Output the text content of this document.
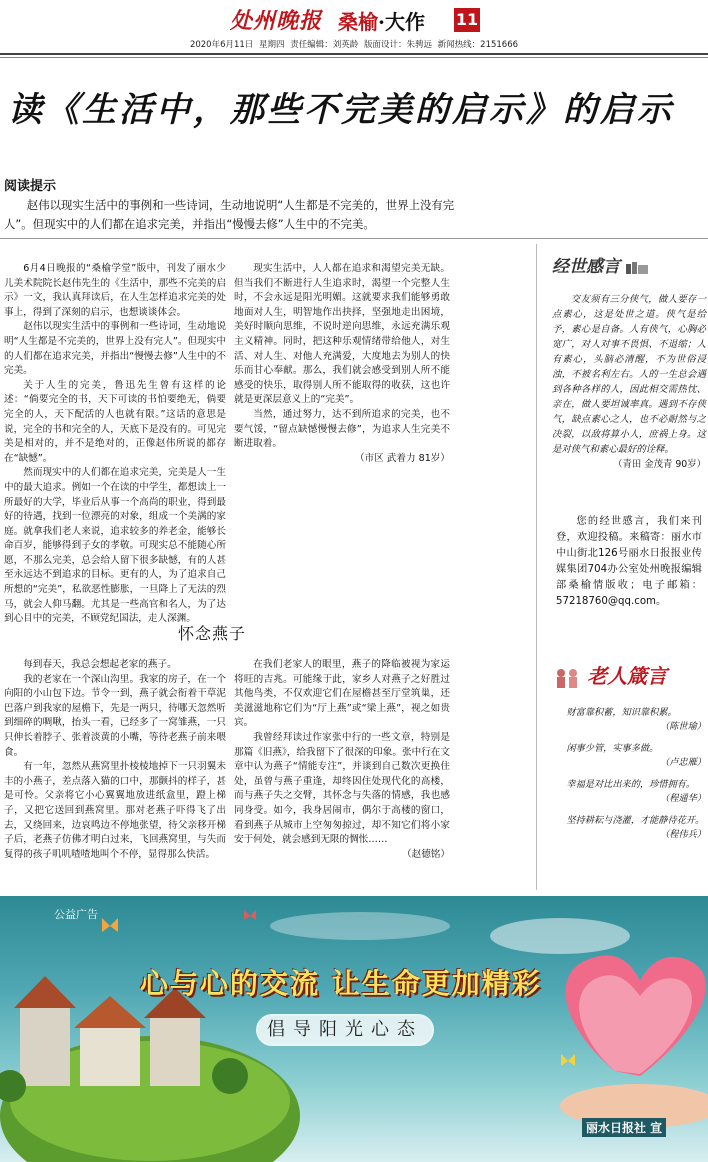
处州晚报 桑榆·大作 11
2020年6月11日 星期四 责任编辑：刘英龄 版面设计：朱骋远 新闻热线：2151666
读《生活中，那些不完美的启示》的启示
阅读提示
赵伟以现实生活中的事例和一些诗词，生动地说明“人生都是不完美的，世界上没有完人”。但现实中的人们都在追求完美，并指出“慢慢去修”人生中的不完美。

6月4日晚报的“桑榆学堂”版中，刊发了丽水少儿美术院院长赵伟先生的《生活中，那些不完美的启示》一文，我认真拜读后，在人生怎样追求完美的处事上，得到了深刻的启示，也想谈谈体会。

赵伟以现实生活中的事例和一些诗词，生动地说明“人生都是不完美的，世界上没有完人”。但现实中的人们都在追求完美，并指出“慢慢去修”人生中的不完美。

关于人生的完美，鲁迅先生曾有这样的论述：“倘要完全的书，天下可读的书怕要绝无，倘要完全的人，天下配活的人也就有限。”这话的意思是说，完全的书和完全的人，天底下是没有的。可见完美是相对的，并不是绝对的，正像赵伟所说的都存在“缺憾”。

然而现实中的人们都在追求完美，完美是人一生中的最大追求。例如一个在读的中学生，都想读上一所最好的大学，毕业后从事一个高尚的职业，得到最好的待遇，找到一位漂亮的对象，组成一个美满的家庭。就拿我们老人来说，追求较多的养老金，能够长命百岁，能够得到子女的孝敬。可现实总不能随心所愿，不那么完美，总会给人留下很多缺憾，有的人甚至永远达不到追求的目标。更有的人，为了追求自己所想的“完美”，私欲恶性膨胀，一旦降上了无法的烈马，就会人仰马翻。尤其是一些高官和名人，为了达到心目中的完美，不顾党纪国法，走人深渊。

现实生活中，人人都在追求和渴望完美无缺。但当我们不断进行人生追求时，渴望一个完整人生时，不会永远是阳光明媚。这就要求我们能够勇敢地面对人生，明智地作出抉择，坚强地走出困境，美好时顺向思维，不说时逆向思维，永远充满乐观主义精神。同时，把这种乐观情绪带给他人，对生活、对人生、对他人充满爱，大度地去为别人的快乐而甘心奉献。那么，我们就会感受到别人所不能感受的快乐，取得别人所不能取得的收获，这也许就是更深层意义上的“完美”。

当然，通过努力，达不到所追求的完美，也不要气馁，“留点缺憾慢慢去修”，为追求人生完美不断进取着。

（市区 武着力 81岁）

怀念燕子

每到春天，我总会想起老家的燕子。

我的老家在一个深山沟里。我家的房子，在一个向阳的小山包下边。节令一到，燕子就会衔着干草泥巴落户到我家的屋檐下，先是一两只，待哪天忽然听到细碎的啁啾，抬头一看，已经多了一窝雏燕，一只只伸长着脖子、张着淡黄的小嘴，等待老燕子前来喂食。

有一年，忽然从燕窝里扑棱棱地掉下一只羽翼未丰的小燕子，差点落入猫的口中，那颤抖的样子，甚是可怜。父亲将它小心翼翼地放进纸盒里，蹬上梯子，又把它送回到燕窝里。那对老燕子吓得飞了出去，又绕回来，边哀鸣边不停地张望，待父亲移开梯子后，老燕子仿佛才明白过来，飞回燕窝里，与失而复得的孩子叽叽喳喳地叫个不停，显得那么快活。

在我们老家人的眼里，燕子的降临被视为家运将旺的吉兆。可能缘于此，家乡人对燕子之好胜过其他鸟类，不仅欢迎它们在屋檐甚至厅堂筑巢，还美滋滋地称它们为“厅上燕”或“梁上燕”，视之如贵宾。

我曾经拜读过作家张中行的一些文章，特别是那篇《旧燕》，给我留下了很深的印象。张中行在文章中认为燕子“情能专注”，并谈到自己数次更换住处，虽曾与燕子重逢，却终因住处现代化的高楼，而与燕子失之交臂，其怀念与失落的情感，我也感同身受。如今，我身居闹市，偶尔于高楼的窗口，看到燕子从城市上空匆匆掠过，却不知它们将小家安于何处，就会感到无限的惆怅……

（赵德铭）

经世感言

交友须有三分侠气，做人要存一点素心，这是处世之道。侠气是给予，素心是自备。人有侠气，心胸必宽广，对人对事不畏惧、不退缩；人有素心，头脑必清醒，不为世俗浸浊，不被名利左右。人的一生总会遇到各种各样的人，因此相交需热忱、亲在，做人要坦诚率真。遇到不存侠气，缺点素心之人，也不必耐然与之决裂，以敌将算小人，庶祸上身。这是对侠气和素心最好的诠释。

（青田 金茂青 90岁）

您的经世感言，我们来刊登，欢迎投稿。来稿寄：丽水市中山街北126号丽水日报报业传媒集团704办公室处州晚报编辑部桑榆情版收；电子邮箱：57218760@qq.com。

老人箴言
财富靠积蓄，知识靠积累。
（陈世瑜）
闲事少管，实事多做。
（卢忠雁）
幸福是对比出来的，珍惜拥有。
（程通华）
坚持耕耘与浇灌，才能静待花开。
（程伟兵）
公益广告
心与心的交流 让生命更加精彩
倡导阳光心态
丽水日报社 宣
